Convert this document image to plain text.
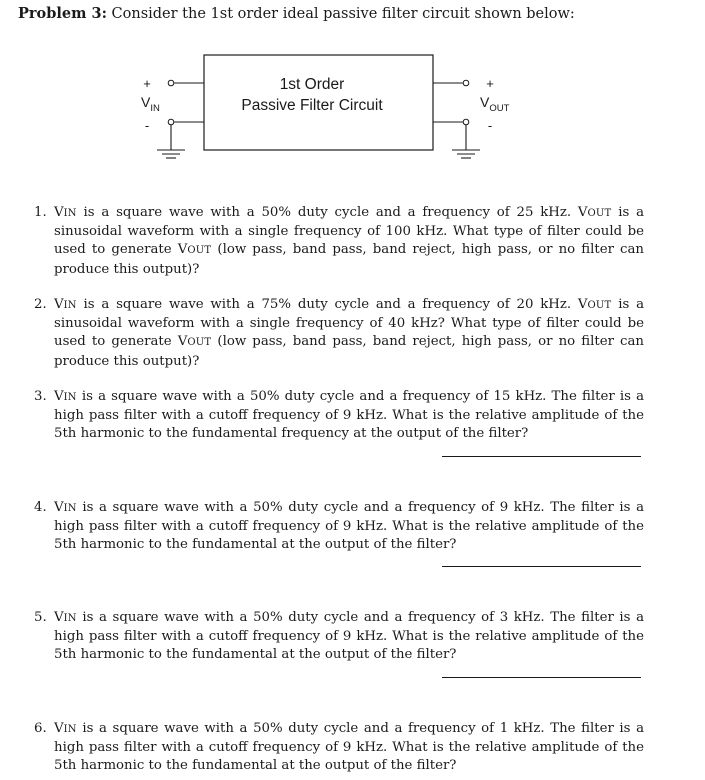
Problem 3: Consider the 1st order ideal passive filter circuit shown below:
1st Order
Passive Filter Circuit
+
-
$V_{IN}$
+
-
$V_{OUT}$
1. VIN is a square wave with a 50% duty cycle and a frequency of 25 kHz. VOUT is a sinusoidal waveform with a single frequency of 100 kHz. What type of filter could be used to generate VOUT (low pass, band pass, band reject, high pass, or no filter can produce this output)?
2. VIN is a square wave with a 75% duty cycle and a frequency of 20 kHz. VOUT is a sinusoidal waveform with a single frequency of 40 kHz? What type of filter could be used to generate VOUT (low pass, band pass, band reject, high pass, or no filter can produce this output)?
3. VIN is a square wave with a 50% duty cycle and a frequency of 15 kHz. The filter is a high pass filter with a cutoff frequency of 9 kHz. What is the relative amplitude of the 5th harmonic to the fundamental frequency at the output of the filter?
4. VIN is a square wave with a 50% duty cycle and a frequency of 9 kHz. The filter is a high pass filter with a cutoff frequency of 9 kHz. What is the relative amplitude of the 5th harmonic to the fundamental at the output of the filter?
5. VIN is a square wave with a 50% duty cycle and a frequency of 3 kHz. The filter is a high pass filter with a cutoff frequency of 9 kHz. What is the relative amplitude of the 5th harmonic to the fundamental at the output of the filter?
6. VIN is a square wave with a 50% duty cycle and a frequency of 1 kHz. The filter is a high pass filter with a cutoff frequency of 9 kHz. What is the relative amplitude of the 5th harmonic to the fundamental at the output of the filter?
